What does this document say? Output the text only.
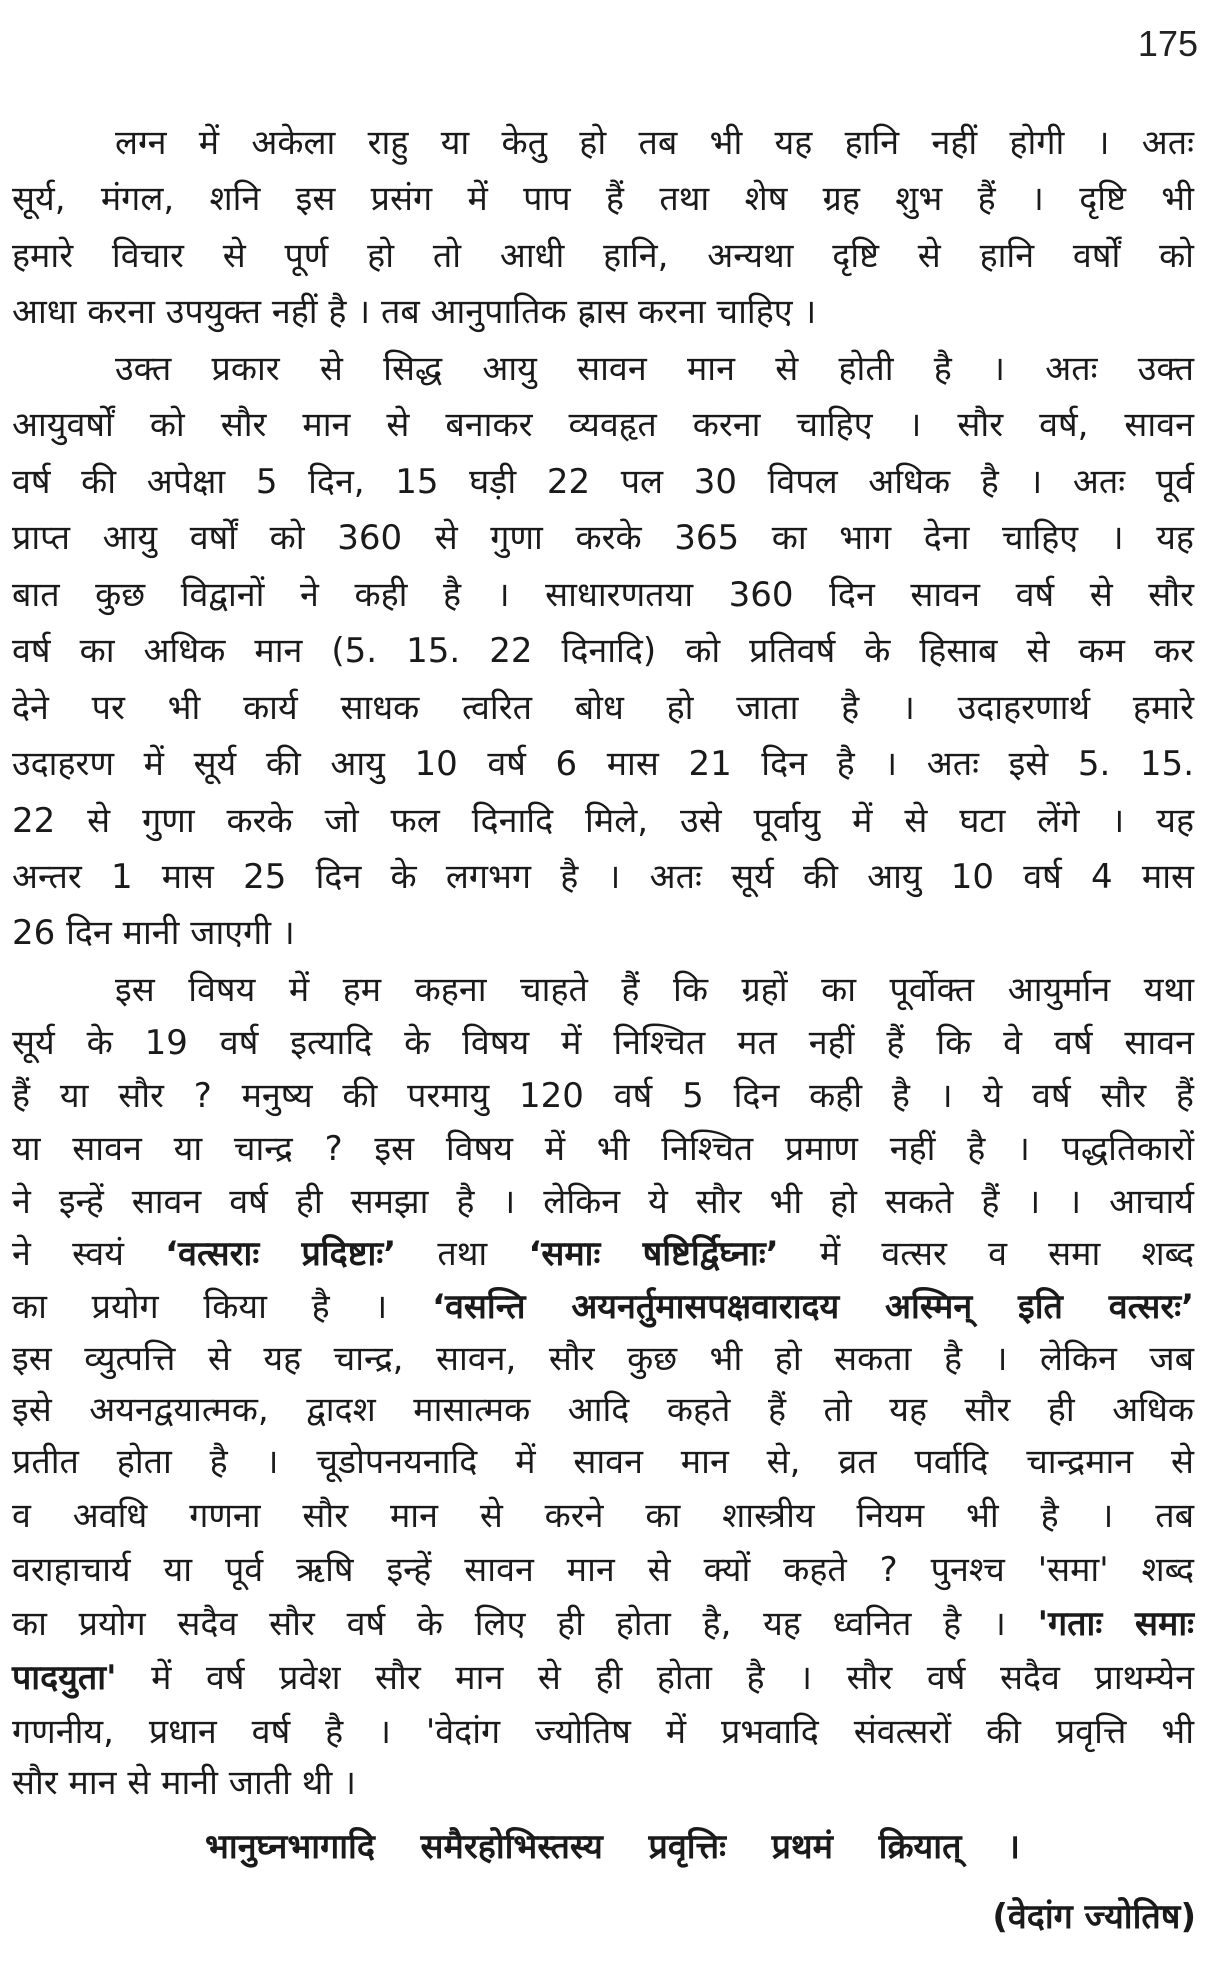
175
लग्न में अकेला राहु या केतु हो तब भी यह हानि नहीं होगी । अतः
सूर्य, मंगल, शनि इस प्रसंग में पाप हैं तथा शेष ग्रह शुभ हैं । दृष्टि भी
हमारे विचार से पूर्ण हो तो आधी हानि, अन्यथा दृष्टि से हानि वर्षों को
आधा करना उपयुक्त नहीं है । तब आनुपातिक ह्रास करना चाहिए ।
उक्त प्रकार से सिद्ध आयु सावन मान से होती है । अतः उक्त
आयुवर्षों को सौर मान से बनाकर व्यवहृत करना चाहिए । सौर वर्ष, सावन
वर्ष की अपेक्षा 5 दिन, 15 घड़ी 22 पल 30 विपल अधिक है । अतः पूर्व
प्राप्त आयु वर्षों को 360 से गुणा करके 365 का भाग देना चाहिए । यह
बात कुछ विद्वानों ने कही है । साधारणतया 360 दिन सावन वर्ष से सौर
वर्ष का अधिक मान (5. 15. 22 दिनादि) को प्रतिवर्ष के हिसाब से कम कर
देने पर भी कार्य साधक त्वरित बोध हो जाता है । उदाहरणार्थ हमारे
उदाहरण में सूर्य की आयु 10 वर्ष 6 मास 21 दिन है । अतः इसे 5. 15.
22 से गुणा करके जो फल दिनादि मिले, उसे पूर्वायु में से घटा लेंगे । यह
अन्तर 1 मास 25 दिन के लगभग है । अतः सूर्य की आयु 10 वर्ष 4 मास
26 दिन मानी जाएगी ।
इस विषय में हम कहना चाहते हैं कि ग्रहों का पूर्वोक्त आयुर्मान यथा
सूर्य के 19 वर्ष इत्यादि के विषय में निश्चित मत नहीं हैं कि वे वर्ष सावन
हैं या सौर ? मनुष्य की परमायु 120 वर्ष 5 दिन कही है । ये वर्ष सौर हैं
या सावन या चान्द्र ? इस विषय में भी निश्चित प्रमाण नहीं है । पद्धतिकारों
ने इन्हें सावन वर्ष ही समझा है । लेकिन ये सौर भी हो सकते हैं । । आचार्य
ने स्वयं ‘वत्सराः प्रदिष्टाः’ तथा ‘समाः षष्टिर्द्विघ्नाः’ में वत्सर व समा शब्द
का प्रयोग किया है । ‘वसन्ति अयनर्तुमासपक्षवारादय अस्मिन् इति वत्सरः’
इस व्युत्पत्ति से यह चान्द्र, सावन, सौर कुछ भी हो सकता है । लेकिन जब
इसे अयनद्वयात्मक, द्वादश मासात्मक आदि कहते हैं तो यह सौर ही अधिक
प्रतीत होता है । चूडोपनयनादि में सावन मान से, व्रत पर्वादि चान्द्रमान से
व अवधि गणना सौर मान से करने का शास्त्रीय नियम भी है । तब
वराहाचार्य या पूर्व ऋषि इन्हें सावन मान से क्यों कहते ? पुनश्च 'समा' शब्द
का प्रयोग सदैव सौर वर्ष के लिए ही होता है, यह ध्वनित है । 'गताः समाः
पादयुता' में वर्ष प्रवेश सौर मान से ही होता है । सौर वर्ष सदैव प्राथम्येन
गणनीय, प्रधान वर्ष है । 'वेदांग ज्योतिष में प्रभवादि संवत्सरों की प्रवृत्ति भी
सौर मान से मानी जाती थी ।
भानुघ्नभागादि समैरहोभिस्तस्य प्रवृत्तिः प्रथमं क्रियात् ।
(वेदांग ज्योतिष)
